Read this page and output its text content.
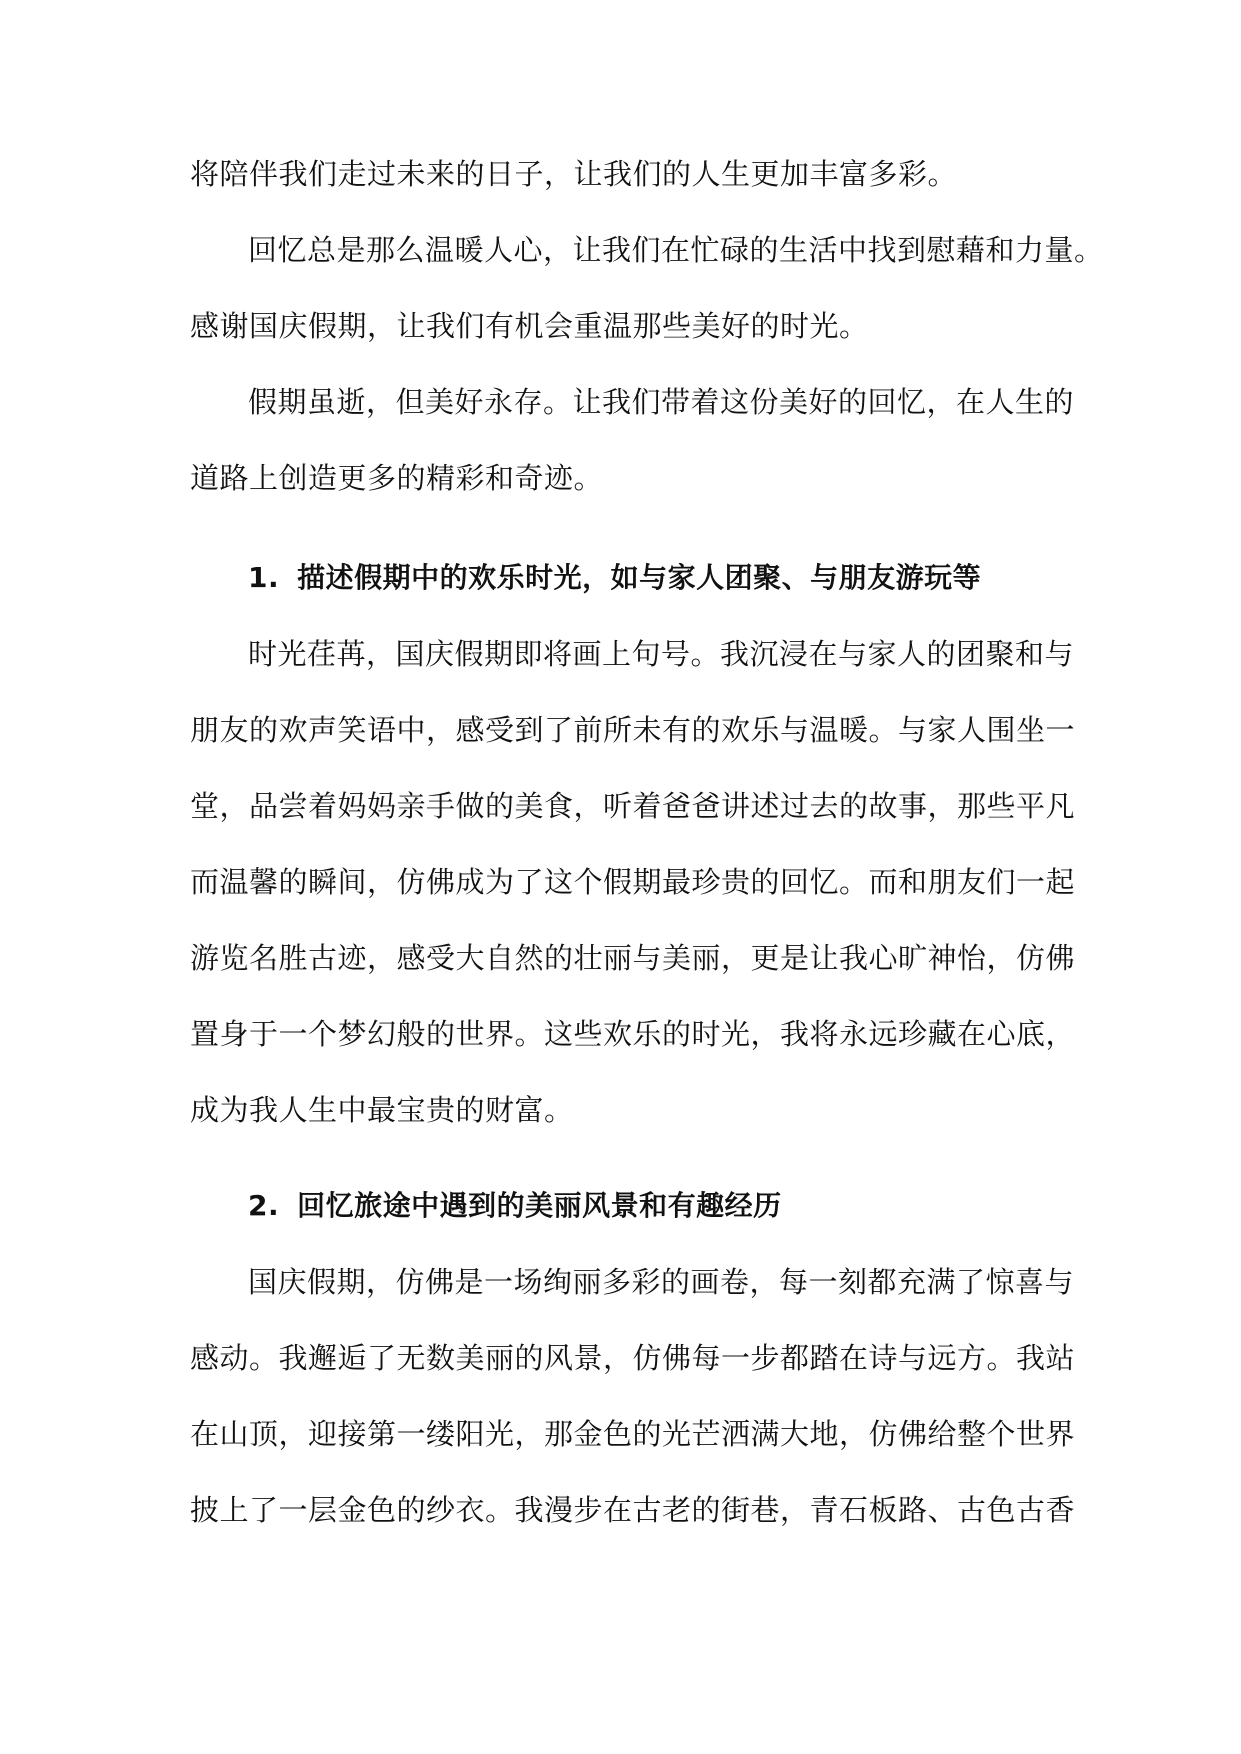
将陪伴我们走过未来的日子，让我们的人生更加丰富多彩。
回忆总是那么温暖人心，让我们在忙碌的生活中找到慰藉和力量。
感谢国庆假期，让我们有机会重温那些美好的时光。
假期虽逝，但美好永存。让我们带着这份美好的回忆，在人生的
道路上创造更多的精彩和奇迹。
1. 描述假期中的欢乐时光，如与家人团聚、与朋友游玩等
时光荏苒，国庆假期即将画上句号。我沉浸在与家人的团聚和与
朋友的欢声笑语中，感受到了前所未有的欢乐与温暖。与家人围坐一
堂，品尝着妈妈亲手做的美食，听着爸爸讲述过去的故事，那些平凡
而温馨的瞬间，仿佛成为了这个假期最珍贵的回忆。而和朋友们一起
游览名胜古迹，感受大自然的壮丽与美丽，更是让我心旷神怡，仿佛
置身于一个梦幻般的世界。这些欢乐的时光，我将永远珍藏在心底，
成为我人生中最宝贵的财富。
2. 回忆旅途中遇到的美丽风景和有趣经历
国庆假期，仿佛是一场绚丽多彩的画卷，每一刻都充满了惊喜与
感动。我邂逅了无数美丽的风景，仿佛每一步都踏在诗与远方。我站
在山顶，迎接第一缕阳光，那金色的光芒洒满大地，仿佛给整个世界
披上了一层金色的纱衣。我漫步在古老的街巷，青石板路、古色古香
